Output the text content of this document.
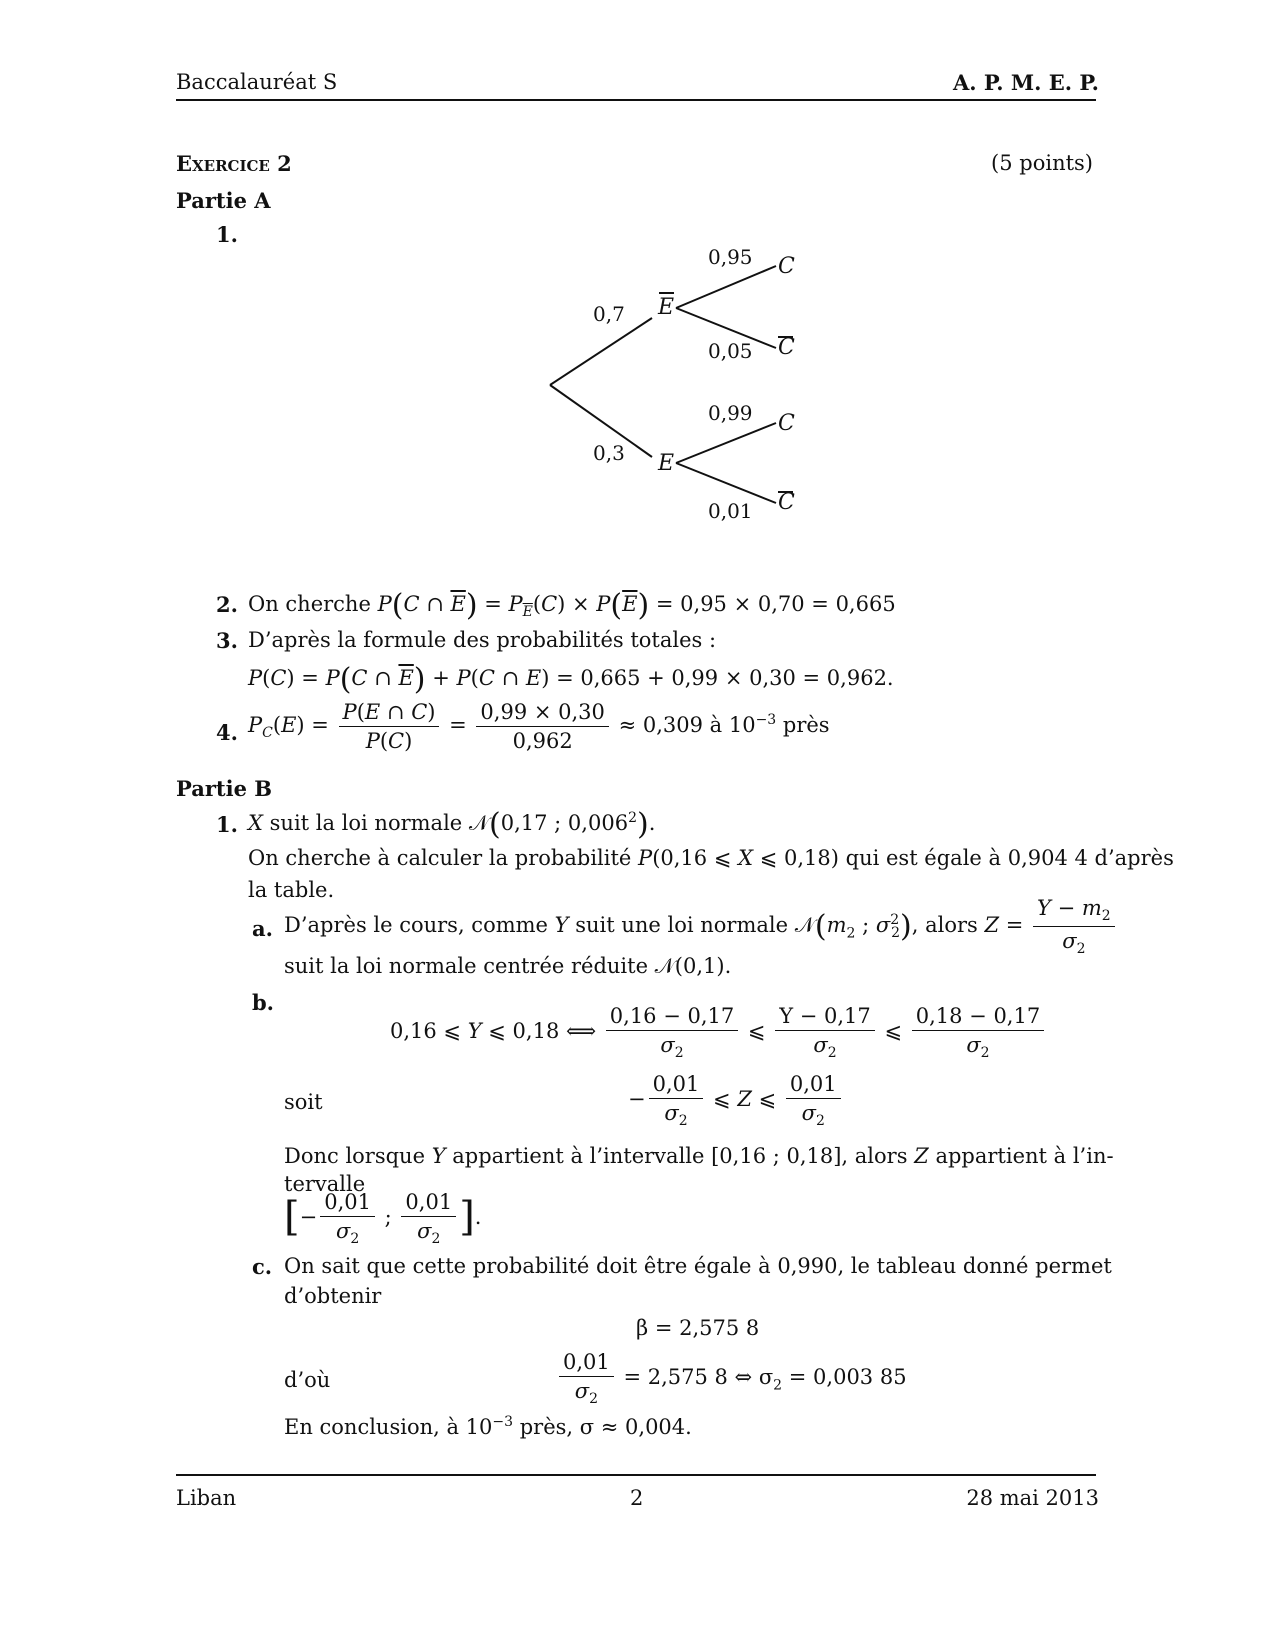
Baccalauréat S	A. P. M. E. P.
Exercice 2	(5 points)
Partie A
1.
0,7
0,3
0,95
0,05
0,99
0,01
E
E
C
C
C
C
2. On cherche P(C ∩ $\overline{E}) = P_{\overline{E}}(C) \times P(\overline{E}) = 0,95 \times 0,70 = 0,665$
3. D’après la formule des probabilités totales :
P(C) = P(C ∩ $\overline{E}) + P(C$ ∩ E) = 0,665 + 0,99 × 0,30 = 0,962.
4. $P_C(E) = \frac{P(E \cap C)}{P(C)} = \frac{0,99 \times 0,30}{0,962} \approx 0,309$ à $10^{-3}$ près
Partie B
1. X suit la loi normale 𝒩(0,17 ; 0,006$^2$).
On cherche à calculer la probabilité P(0,16 ⩽ X ⩽ 0,18) qui est égale à 0,904 4 d’après
la table.
a. D’après le cours, comme Y suit une loi normale $𝒩(m_2$ ; $\sigma^2_2$), alors $Z = \frac{Y - m_2}{\sigma_2}$
suit la loi normale centrée réduite 𝒩(0,1).
b.
0,16 ⩽ Y ⩽ 0,18 ⟺ $\frac{0,16 - 0,17}{\sigma_2}$ ⩽ $\frac{Y - 0,17}{\sigma_2}$ ⩽ $\frac{0,18 - 0,17}{\sigma_2}$
soit	− $\frac{0,01}{\sigma_2}$ ⩽ Z ⩽ $\frac{0,01}{\sigma_2}$
Donc lorsque Y appartient à l’intervalle [0,16 ; 0,18], alors Z appartient à l’in-
tervalle
[− $\frac{0,01}{\sigma_2}$ ; $\frac{0,01}{\sigma_2}$ ].
c. On sait que cette probabilité doit être égale à 0,990, le tableau donné permet
d’obtenir
β = 2,575 8
d’où	$\frac{0,01}{\sigma_2} = 2,575$ 8 ⇔ $\sigma_2 = 0,003$ 85
En conclusion, à $10^{-3}$ près, σ ≈ 0,004.
Liban	2	28 mai 2013
